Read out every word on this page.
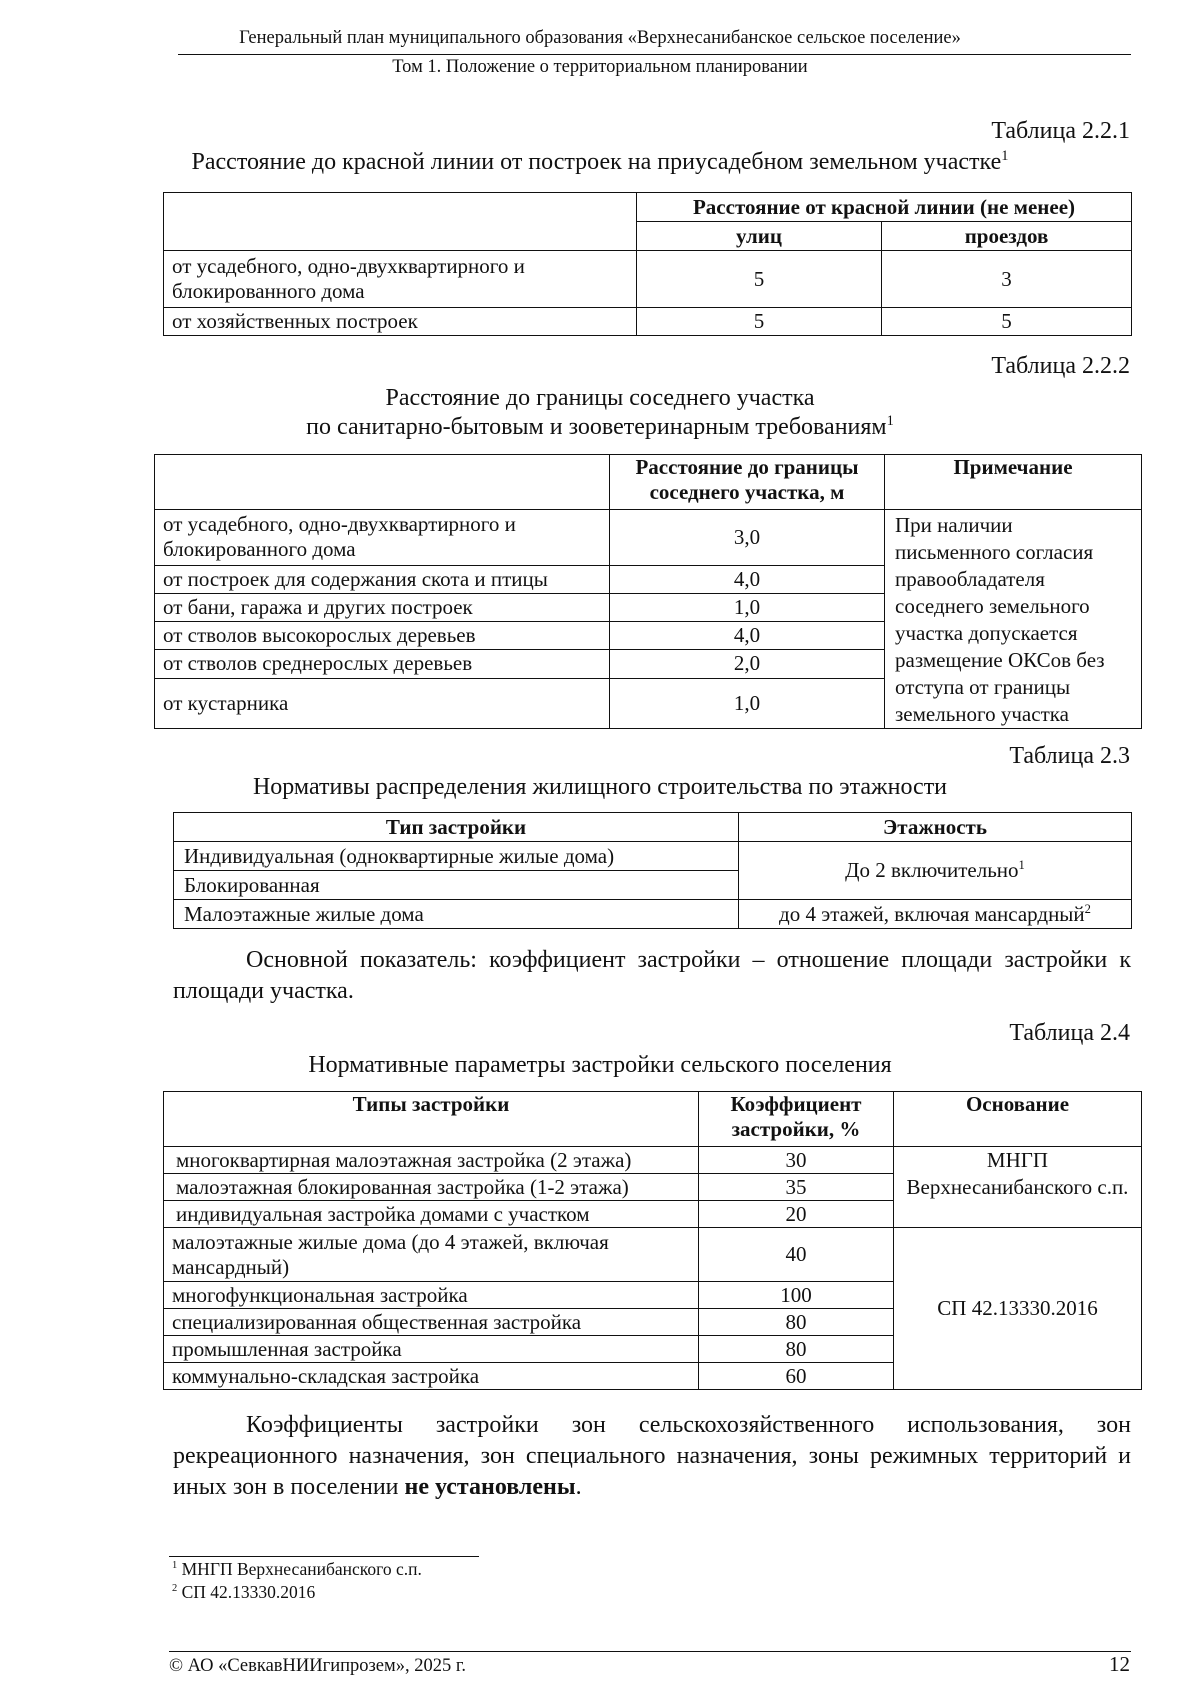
Генеральный план муниципального образования «Верхнесанибанское сельское поселение»
Том 1. Положение о территориальном планировании
Таблица 2.2.1
Расстояние до красной линии от построек на приусадебном земельном участке$^1$
	Расстояние от красной линии (не менее)	
	улиц	проездов
от усадебного, одно-двухквартирного и блокированного дома	5	3
от хозяйственных построек	5	5
Таблица 2.2.2
Расстояние до границы соседнего участка
по санитарно-бытовым и зооветеринарным требованиям$^1$
	Расстояние до границы соседнего участка, м	Примечание
от усадебного, одно-двухквартирного и блокированного дома	3,0	При наличии письменного согласия правообладателя соседнего земельного участка допускается размещение ОКСов без отступа от границы земельного участка
от построек для содержания скота и птицы	4,0	
от бани, гаража и других построек	1,0	
от стволов высокорослых деревьев	4,0	
от стволов среднерослых деревьев	2,0	
от кустарника	1,0	
Таблица 2.3
Нормативы распределения жилищного строительства по этажности
Тип застройки	Этажность
Индивидуальная (одноквартирные жилые дома)	До 2 включительно$^1$
Блокированная	
Малоэтажные жилые дома	до 4 этажей, включая мансардный$^2$
Основной показатель: коэффициент застройки – отношение площади застройки к площади участка.
Таблица 2.4
Нормативные параметры застройки сельского поселения
Типы застройки	Коэффициент застройки, %	Основание
многоквартирная малоэтажная застройка (2 этажа)	30	МНГП Верхнесанибанского с.п.
малоэтажная блокированная застройка (1-2 этажа)	35	
индивидуальная застройка домами с участком	20	
малоэтажные жилые дома (до 4 этажей, включая мансардный)	40	СП 42.13330.2016
многофункциональная застройка	100	
специализированная общественная застройка	80	
промышленная застройка	80	
коммунально-складская застройка	60	
Коэффициенты застройки зон сельскохозяйственного использования, зон рекреационного назначения, зон специального назначения, зоны режимных территорий и иных зон в поселении не установлены.
$^1$ МНГП Верхнесанибанского с.п.
$^2$ СП 42.13330.2016
© АО «СевкавНИИгипрозем», 2025 г.	12
